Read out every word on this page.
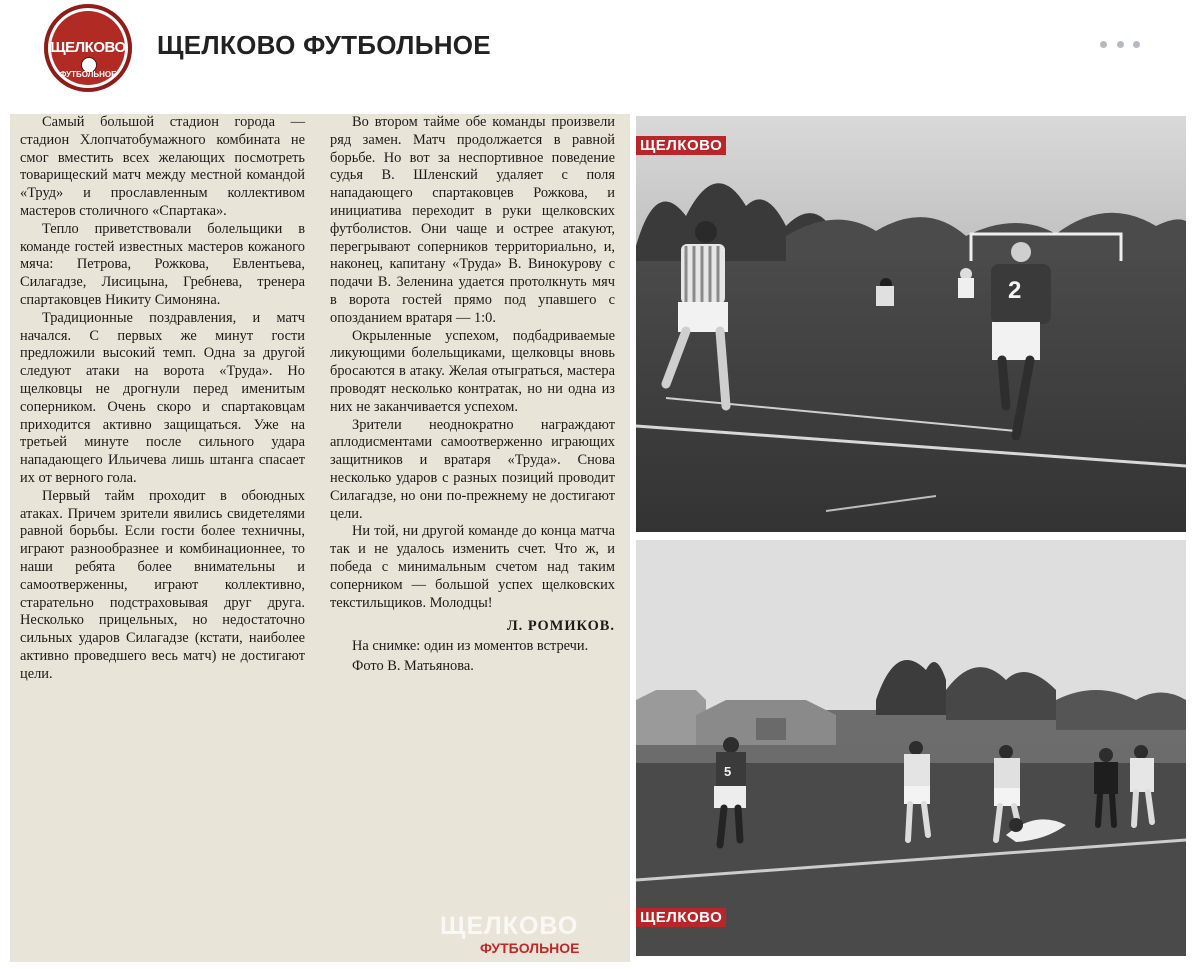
ЩЕЛКОВО
ФУТБОЛЬНОЕ
ЩЕЛКОВО ФУТБОЛЬНОЕ

Самый большой стадион города — стадион Хлопчатобумажного комбината не смог вместить всех желающих посмотреть товарищеский матч между местной командой «Труд» и прославленным коллективом мастеров столичного «Спартака».

Тепло приветствовали болельщики в команде гостей известных мастеров кожаного мяча: Петрова, Рожкова, Евлентьева, Силагадзе, Лисицына, Гребнева, тренера спартаковцев Никиту Симоняна.

Традиционные поздравления, и матч начался. С первых же минут гости предложили высокий темп. Одна за другой следуют атаки на ворота «Труда». Но щелковцы не дрогнули перед именитым соперником. Очень скоро и спартаковцам приходится активно защищаться. Уже на третьей минуте после сильного удара нападающего Ильичева лишь штанга спасает их от верного гола.

Первый тайм проходит в обоюдных атаках. Причем зрители явились свидетелями равной борьбы. Если гости более техничны, играют разнообразнее и комбинационнее, то наши ребята более внимательны и самоотверженны, играют коллективно, старательно подстраховывая друг друга. Несколько прицельных, но недостаточно сильных ударов Силагадзе (кстати, наиболее активно проведшего весь матч) не достигают цели.

Во втором тайме обе команды произвели ряд замен. Матч продолжается в равной борьбе. Но вот за неспортивное поведение судья В. Шленский удаляет с поля нападающего спартаковцев Рожкова, и инициатива переходит в руки щелковских футболистов. Они чаще и острее атакуют, перегрывают соперников территориально, и, наконец, капитану «Труда» В. Винокурову с подачи В. Зеленина удается протолкнуть мяч в ворота гостей прямо под упавшего с опозданием вратаря — 1:0.

Окрыленные успехом, подбадриваемые ликующими болельщиками, щелковцы вновь бросаются в атаку. Желая отыграться, мастера проводят несколько контратак, но ни одна из них не заканчивается успехом.

Зрители неоднократно награждают аплодисментами самоотверженно играющих защитников и вратаря «Труда». Снова несколько ударов с разных позиций проводит Силагадзе, но они по-прежнему не достигают цели.

Ни той, ни другой команде до конца матча так и не удалось изменить счет. Что ж, и победа с минимальным счетом над таким соперником — большой успех щелковских текстильщиков. Молодцы!

Л. РОМИКОВ.

На снимке: один из моментов встречи.

Фото В. Матьянова.

ЩЕЛКОВО
ФУТБОЛЬНОЕ
2
ЩЕЛКОВО
5
ЩЕЛКОВО
